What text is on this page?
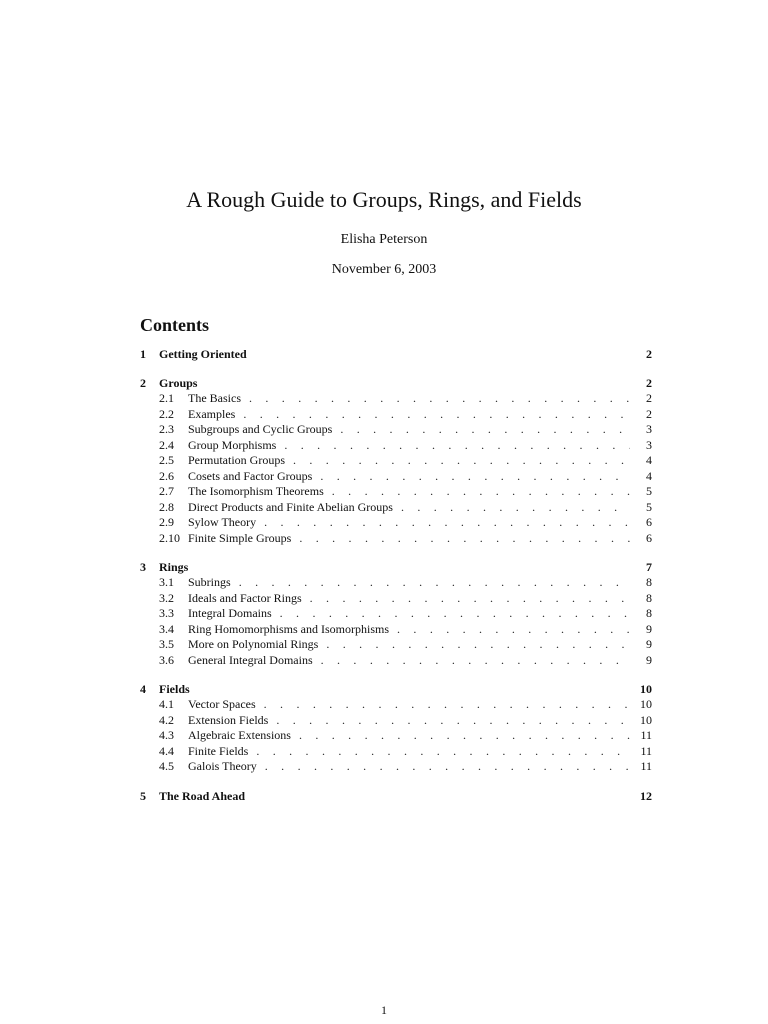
A Rough Guide to Groups, Rings, and Fields
Elisha Peterson
November 6, 2003
Contents
1	Getting Oriented	2
2	Groups	2
2.1	The Basics . . .	2
2.2	Examples . . .	2
2.3	Subgroups and Cyclic Groups . . .	3
2.4	Group Morphisms . . .	3
2.5	Permutation Groups . . .	4
2.6	Cosets and Factor Groups . . .	4
2.7	The Isomorphism Theorems . . .	5
2.8	Direct Products and Finite Abelian Groups . . .	5
2.9	Sylow Theory . . .	6
2.10 Finite Simple Groups . . .	6
3	Rings	7
3.1	Subrings . . .	8
3.2	Ideals and Factor Rings . . .	8
3.3	Integral Domains . . .	8
3.4	Ring Homomorphisms and Isomorphisms . . .	9
3.5	More on Polynomial Rings . . .	9
3.6	General Integral Domains . . .	9
4	Fields	10
4.1	Vector Spaces . . .	10
4.2	Extension Fields . . .	10
4.3	Algebraic Extensions . . .	11
4.4	Finite Fields . . .	11
4.5	Galois Theory . . .	11
5	The Road Ahead	12
1
